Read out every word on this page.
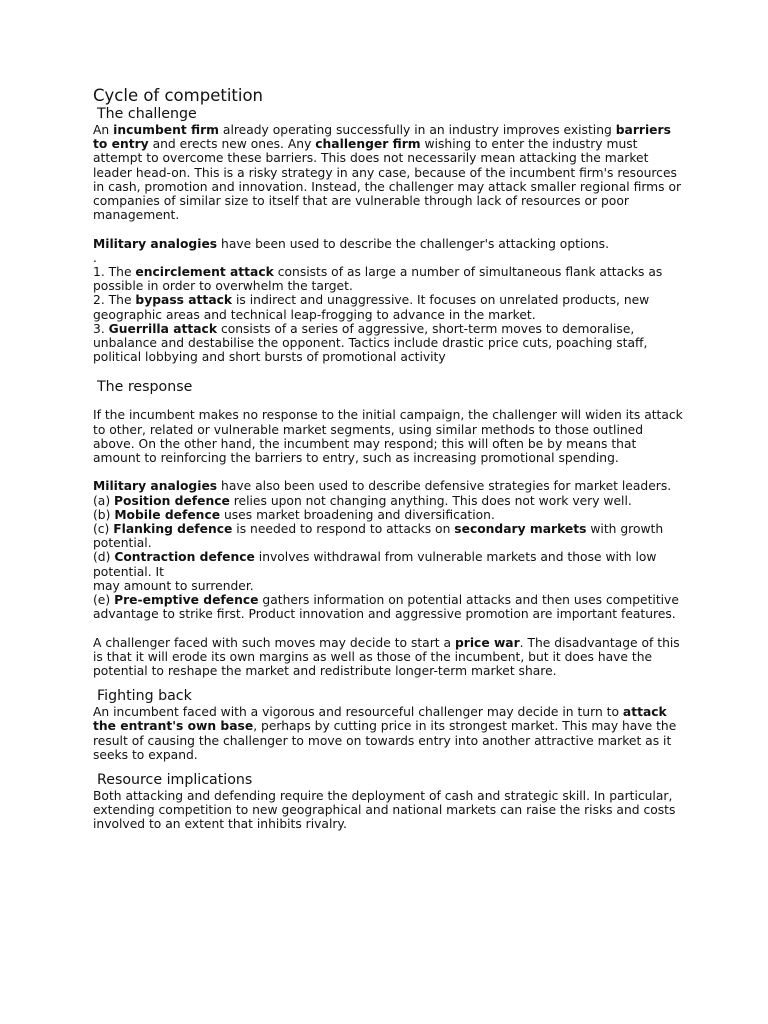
Cycle of competition
The challenge

An incumbent firm already operating successfully in an industry improves existing barriers to entry and erects new ones. Any challenger firm wishing to enter the industry must attempt to overcome these barriers. This does not necessarily mean attacking the market leader head-on. This is a risky strategy in any case, because of the incumbent firm's resources in cash, promotion and innovation. Instead, the challenger may attack smaller regional firms or companies of similar size to itself that are vulnerable through lack of resources or poor management.

Military analogies have been used to describe the challenger's attacking options.

.

1. The encirclement attack consists of as large a number of simultaneous flank attacks as possible in order to overwhelm the target.

2. The bypass attack is indirect and unaggressive. It focuses on unrelated products, new geographic areas and technical leap-frogging to advance in the market.

3. Guerrilla attack consists of a series of aggressive, short-term moves to demoralise, unbalance and destabilise the opponent. Tactics include drastic price cuts, poaching staff, political lobbying and short bursts of promotional activity

The response

If the incumbent makes no response to the initial campaign, the challenger will widen its attack to other, related or vulnerable market segments, using similar methods to those outlined above. On the other hand, the incumbent may respond; this will often be by means that amount to reinforcing the barriers to entry, such as increasing promotional spending.

Military analogies have also been used to describe defensive strategies for market leaders.

(a) Position defence relies upon not changing anything. This does not work very well.

(b) Mobile defence uses market broadening and diversification.

(c) Flanking defence is needed to respond to attacks on secondary markets with growth potential.

(d) Contraction defence involves withdrawal from vulnerable markets and those with low potential. It
may amount to surrender.

(e) Pre-emptive defence gathers information on potential attacks and then uses competitive
advantage to strike first. Product innovation and aggressive promotion are important features.

A challenger faced with such moves may decide to start a price war. The disadvantage of this is that it will erode its own margins as well as those of the incumbent, but it does have the potential to reshape the market and redistribute longer-term market share.

Fighting back

An incumbent faced with a vigorous and resourceful challenger may decide in turn to attack the entrant's own base, perhaps by cutting price in its strongest market. This may have the result of causing the challenger to move on towards entry into another attractive market as it seeks to expand.

Resource implications

Both attacking and defending require the deployment of cash and strategic skill. In particular, extending competition to new geographical and national markets can raise the risks and costs involved to an extent that inhibits rivalry.
